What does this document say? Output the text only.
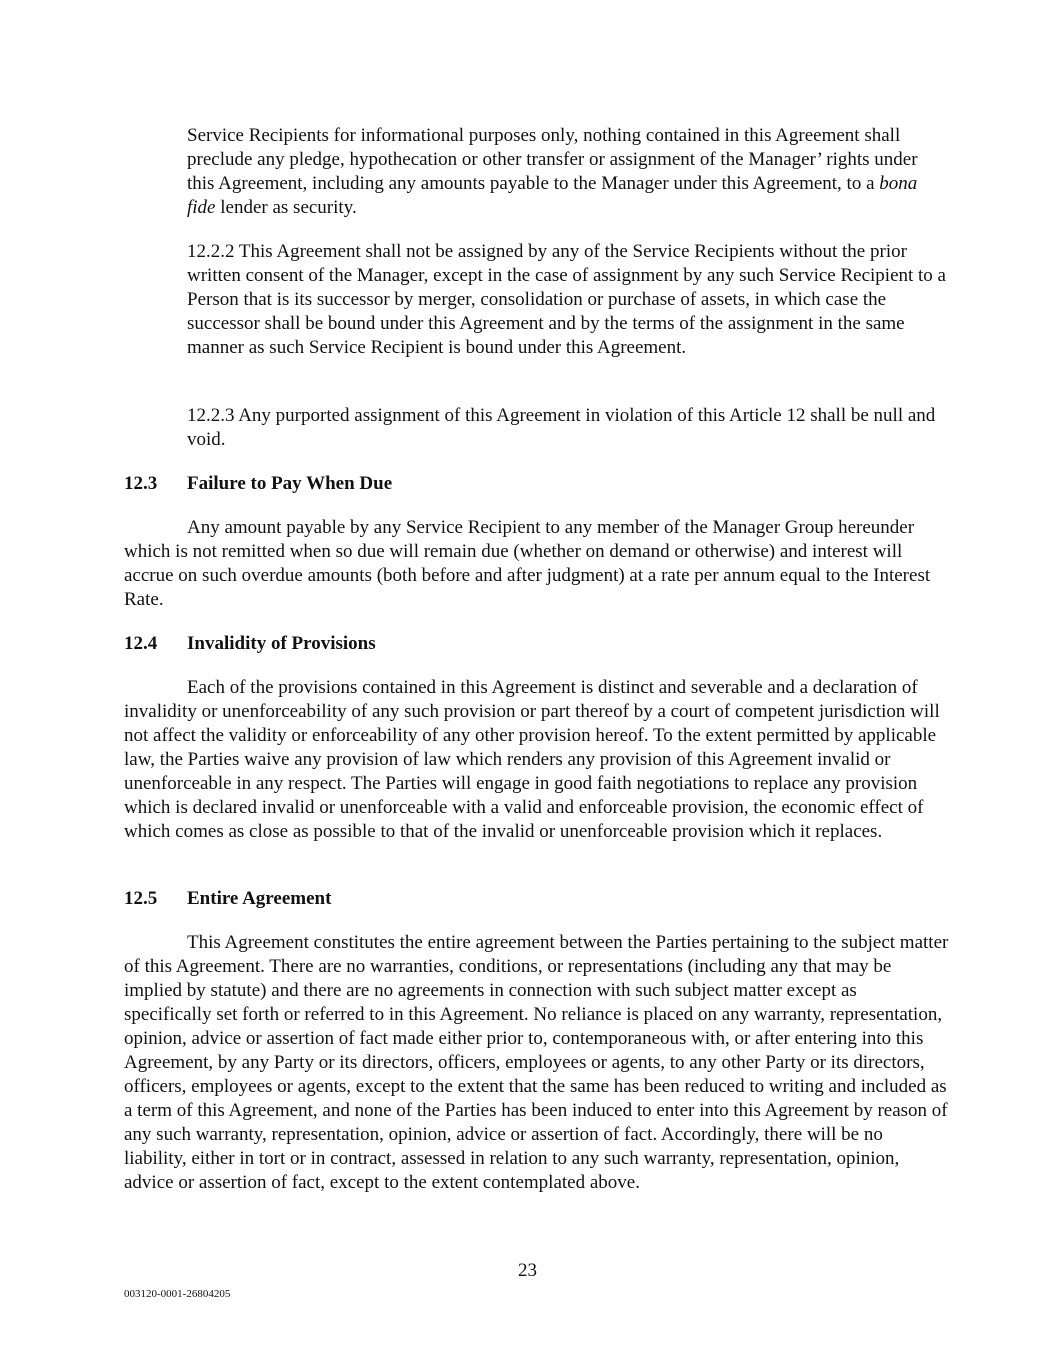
Service Recipients for informational purposes only, nothing contained in this Agreement shall preclude any pledge, hypothecation or other transfer or assignment of the Manager’ rights under this Agreement, including any amounts payable to the Manager under this Agreement, to a bona fide lender as security.

12.2.2 This Agreement shall not be assigned by any of the Service Recipients without the prior written consent of the Manager, except in the case of assignment by any such Service Recipient to a Person that is its successor by merger, consolidation or purchase of assets, in which case the successor shall be bound under this Agreement and by the terms of the assignment in the same manner as such Service Recipient is bound under this Agreement.

12.2.3 Any purported assignment of this Agreement in violation of this Article 12 shall be null and void.

12.3 Failure to Pay When Due

Any amount payable by any Service Recipient to any member of the Manager Group hereunder which is not remitted when so due will remain due (whether on demand or otherwise) and interest will accrue on such overdue amounts (both before and after judgment) at a rate per annum equal to the Interest Rate.

12.4 Invalidity of Provisions

Each of the provisions contained in this Agreement is distinct and severable and a declaration of invalidity or unenforceability of any such provision or part thereof by a court of competent jurisdiction will not affect the validity or enforceability of any other provision hereof. To the extent permitted by applicable law, the Parties waive any provision of law which renders any provision of this Agreement invalid or unenforceable in any respect. The Parties will engage in good faith negotiations to replace any provision which is declared invalid or unenforceable with a valid and enforceable provision, the economic effect of which comes as close as possible to that of the invalid or unenforceable provision which it replaces.

12.5 Entire Agreement

This Agreement constitutes the entire agreement between the Parties pertaining to the subject matter of this Agreement. There are no warranties, conditions, or representations (including any that may be implied by statute) and there are no agreements in connection with such subject matter except as specifically set forth or referred to in this Agreement. No reliance is placed on any warranty, representation, opinion, advice or assertion of fact made either prior to, contemporaneous with, or after entering into this Agreement, by any Party or its directors, officers, employees or agents, to any other Party or its directors, officers, employees or agents, except to the extent that the same has been reduced to writing and included as a term of this Agreement, and none of the Parties has been induced to enter into this Agreement by reason of any such warranty, representation, opinion, advice or assertion of fact. Accordingly, there will be no liability, either in tort or in contract, assessed in relation to any such warranty, representation, opinion, advice or assertion of fact, except to the extent contemplated above.

23
003120-0001-26804205
